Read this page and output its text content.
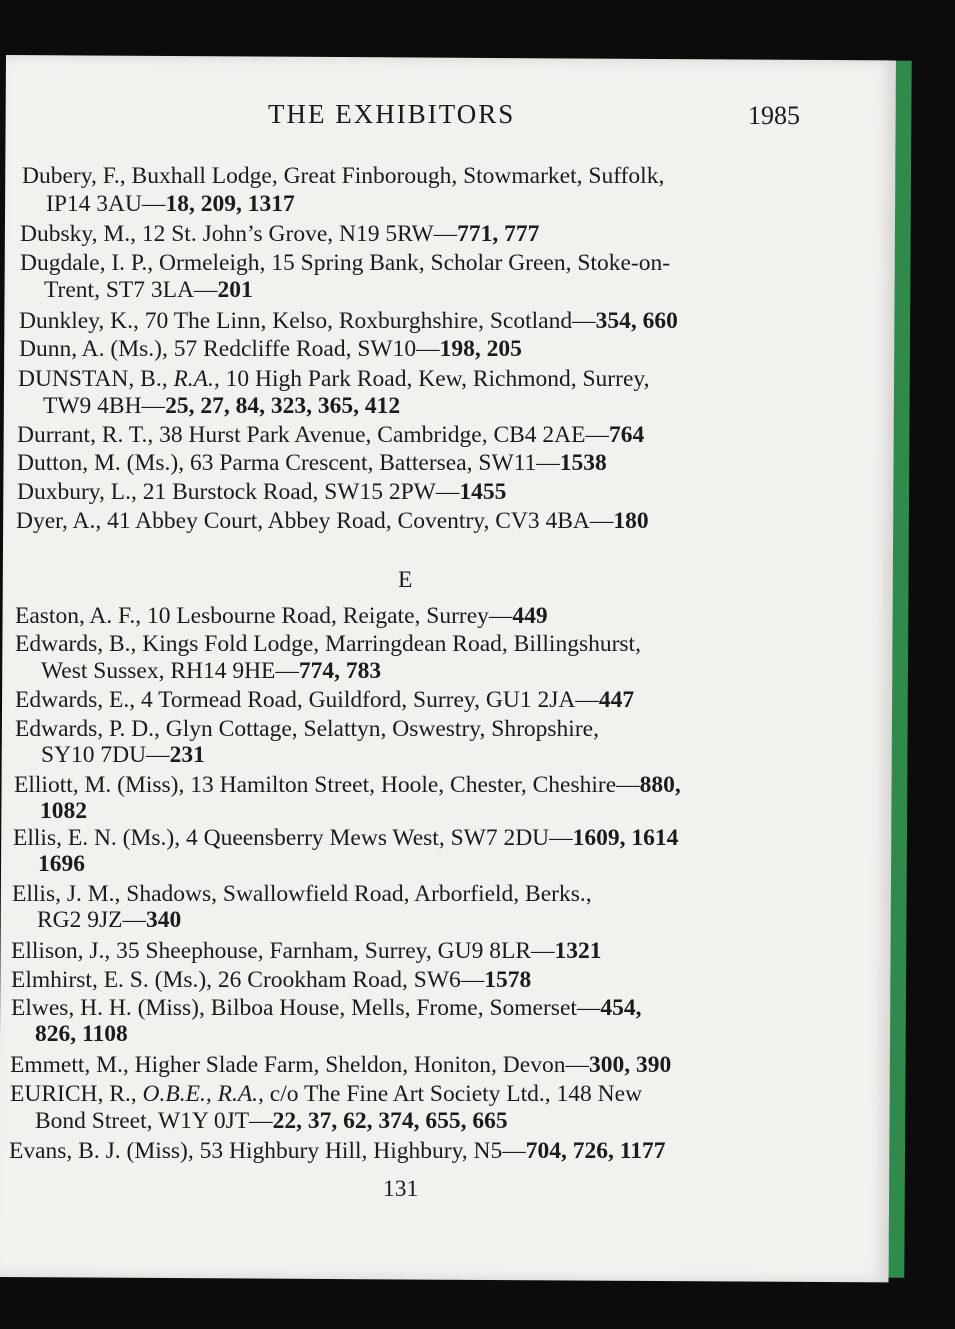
THE EXHIBITORS	1985
Dubery, F., Buxhall Lodge, Great Finborough, Stowmarket, Suffolk,
IP14 3AU—18, 209, 1317
Dubsky, M., 12 St. John’s Grove, N19 5RW—771, 777
Dugdale, I. P., Ormeleigh, 15 Spring Bank, Scholar Green, Stoke-on-
Trent, ST7 3LA—201
Dunkley, K., 70 The Linn, Kelso, Roxburghshire, Scotland—354, 660
Dunn, A. (Ms.), 57 Redcliffe Road, SW10—198, 205
DUNSTAN, B., R.A., 10 High Park Road, Kew, Richmond, Surrey,
TW9 4BH—25, 27, 84, 323, 365, 412
Durrant, R. T., 38 Hurst Park Avenue, Cambridge, CB4 2AE—764
Dutton, M. (Ms.), 63 Parma Crescent, Battersea, SW11—1538
Duxbury, L., 21 Burstock Road, SW15 2PW—1455
Dyer, A., 41 Abbey Court, Abbey Road, Coventry, CV3 4BA—180
E
Easton, A. F., 10 Lesbourne Road, Reigate, Surrey—449
Edwards, B., Kings Fold Lodge, Marringdean Road, Billingshurst,
West Sussex, RH14 9HE—774, 783
Edwards, E., 4 Tormead Road, Guildford, Surrey, GU1 2JA—447
Edwards, P. D., Glyn Cottage, Selattyn, Oswestry, Shropshire,
SY10 7DU—231
Elliott, M. (Miss), 13 Hamilton Street, Hoole, Chester, Cheshire—880,
1082
Ellis, E. N. (Ms.), 4 Queensberry Mews West, SW7 2DU—1609, 1614
1696
Ellis, J. M., Shadows, Swallowfield Road, Arborfield, Berks.,
RG2 9JZ—340
Ellison, J., 35 Sheephouse, Farnham, Surrey, GU9 8LR—1321
Elmhirst, E. S. (Ms.), 26 Crookham Road, SW6—1578
Elwes, H. H. (Miss), Bilboa House, Mells, Frome, Somerset—454,
826, 1108
Emmett, M., Higher Slade Farm, Sheldon, Honiton, Devon—300, 390
EURICH, R., O.B.E., R.A., c/o The Fine Art Society Ltd., 148 New
Bond Street, W1Y 0JT—22, 37, 62, 374, 655, 665
Evans, B. J. (Miss), 53 Highbury Hill, Highbury, N5—704, 726, 1177
131
